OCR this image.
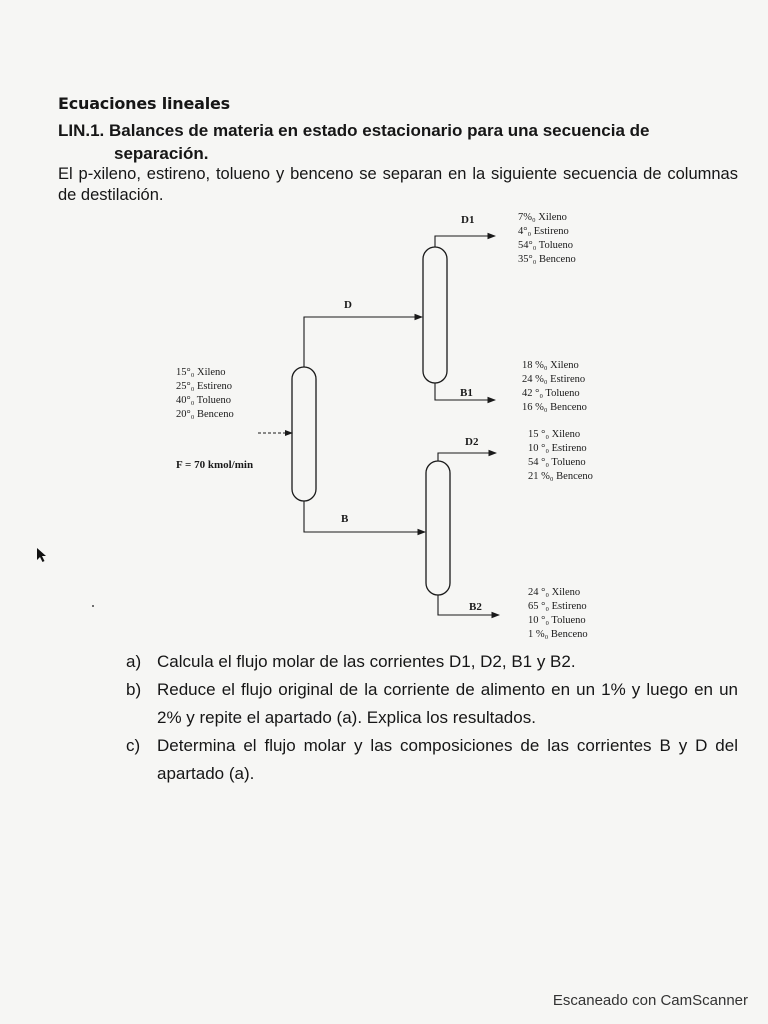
Ecuaciones lineales
LIN.1. Balances de materia en estado estacionario para una secuencia de
separación.
El p-xileno, estireno, tolueno y benceno se separan en la siguiente secuencia de columnas de destilación.
D
B
D1
B1
D2
B2
15°₀ Xileno
25°₀ Estireno
40°₀ Tolueno
20°₀ Benceno
F = 70 kmol/min
7%₀ Xileno
4°₀ Estireno
54°₀ Tolueno
35°₀ Benceno
18 %₀ Xileno
24 %₀ Estireno
42 °₀ Tolueno
16 %₀ Benceno
15 °₀ Xileno
10 °₀ Estireno
54 °₀ Tolueno
21 %₀ Benceno
24 °₀ Xileno
65 °₀ Estireno
10 °₀ Tolueno
1 %₀ Benceno
a) Calcula el flujo molar de las corrientes D1, D2, B1 y B2.
b) Reduce el flujo original de la corriente de alimento en un 1% y luego en un 2% y repite el apartado (a). Explica los resultados.
c) Determina el flujo molar y las composiciones de las corrientes B y D del apartado (a).
Escaneado con CamScanner
